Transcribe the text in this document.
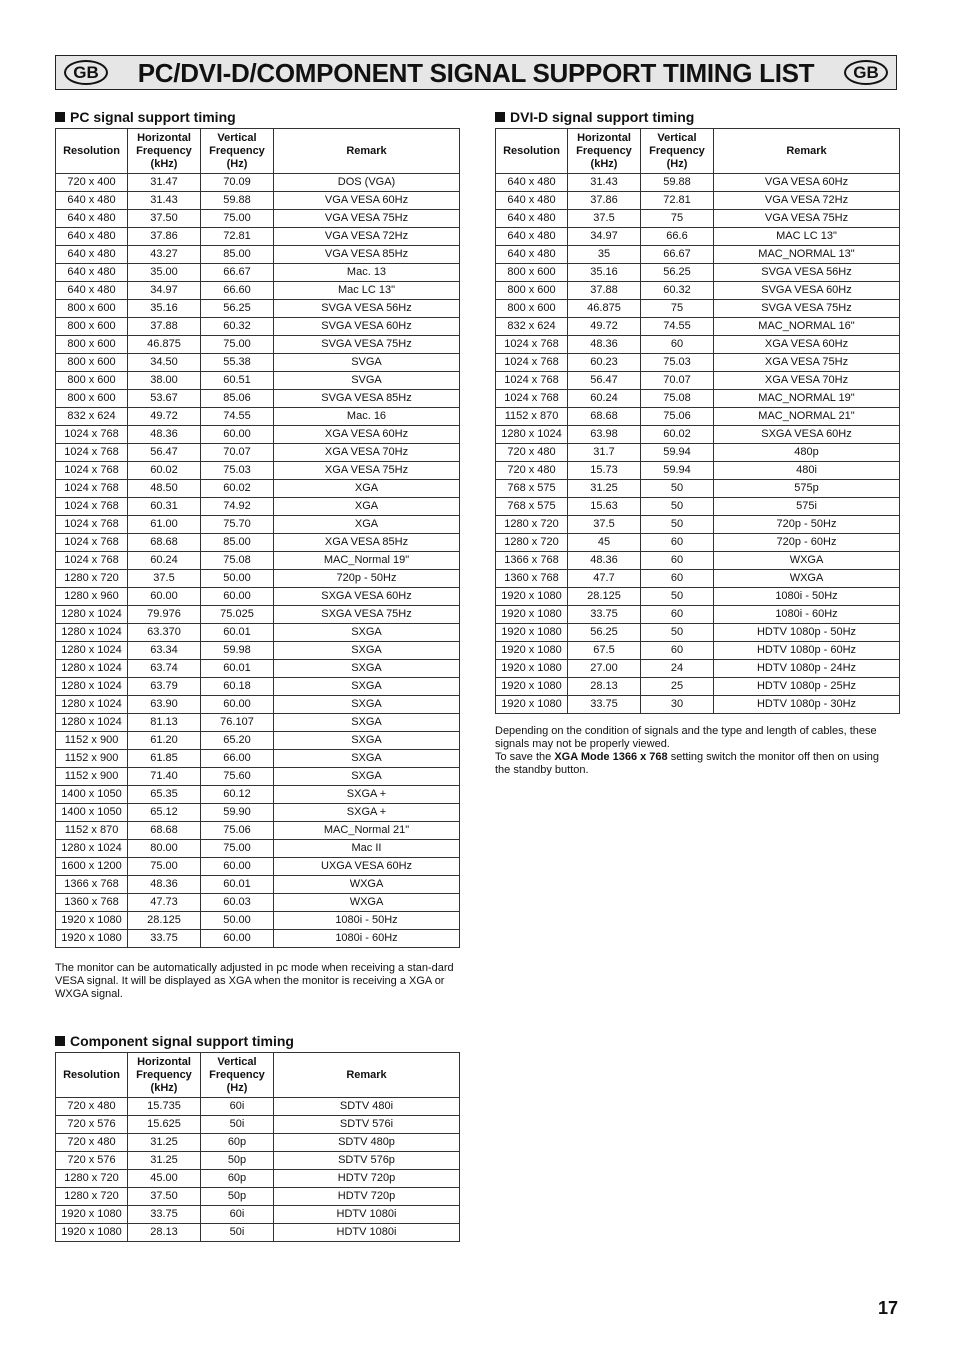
GB	PC/DVI-D/COMPONENT SIGNAL SUPPORT TIMING LIST	GB
PC signal support timing
Resolution	Horizontal
Frequency
(kHz)	Vertical
Frequency
(Hz)	Remark
720 x 400	31.47	70.09	DOS (VGA)
640 x 480	31.43	59.88	VGA VESA 60Hz
640 x 480	37.50	75.00	VGA VESA 75Hz
640 x 480	37.86	72.81	VGA VESA 72Hz
640 x 480	43.27	85.00	VGA VESA 85Hz
640 x 480	35.00	66.67	Mac. 13
640 x 480	34.97	66.60	Mac LC 13"
800 x 600	35.16	56.25	SVGA VESA 56Hz
800 x 600	37.88	60.32	SVGA VESA 60Hz
800 x 600	46.875	75.00	SVGA VESA 75Hz
800 x 600	34.50	55.38	SVGA
800 x 600	38.00	60.51	SVGA
800 x 600	53.67	85.06	SVGA VESA 85Hz
832 x 624	49.72	74.55	Mac. 16
1024 x 768	48.36	60.00	XGA VESA 60Hz
1024 x 768	56.47	70.07	XGA VESA 70Hz
1024 x 768	60.02	75.03	XGA VESA 75Hz
1024 x 768	48.50	60.02	XGA
1024 x 768	60.31	74.92	XGA
1024 x 768	61.00	75.70	XGA
1024 x 768	68.68	85.00	XGA VESA 85Hz
1024 x 768	60.24	75.08	MAC_Normal 19"
1280 x 720	37.5	50.00	720p - 50Hz
1280 x 960	60.00	60.00	SXGA VESA 60Hz
1280 x 1024	79.976	75.025	SXGA VESA 75Hz
1280 x 1024	63.370	60.01	SXGA
1280 x 1024	63.34	59.98	SXGA
1280 x 1024	63.74	60.01	SXGA
1280 x 1024	63.79	60.18	SXGA
1280 x 1024	63.90	60.00	SXGA
1280 x 1024	81.13	76.107	SXGA
1152 x 900	61.20	65.20	SXGA
1152 x 900	61.85	66.00	SXGA
1152 x 900	71.40	75.60	SXGA
1400 x 1050	65.35	60.12	SXGA +
1400 x 1050	65.12	59.90	SXGA +
1152 x 870	68.68	75.06	MAC_Normal 21"
1280 x 1024	80.00	75.00	Mac II
1600 x 1200	75.00	60.00	UXGA VESA 60Hz
1366 x 768	48.36	60.01	WXGA
1360 x 768	47.73	60.03	WXGA
1920 x 1080	28.125	50.00	1080i - 50Hz
1920 x 1080	33.75	60.00	1080i - 60Hz
The monitor can be automatically adjusted in pc mode when receiving a stan-dard VESA signal. It will be displayed as XGA when the monitor is receiving a XGA or WXGA signal.
Component signal support timing
Resolution	Horizontal
Frequency
(kHz)	Vertical
Frequency
(Hz)	Remark
720 x 480	15.735	60i	SDTV 480i
720 x 576	15.625	50i	SDTV 576i
720 x 480	31.25	60p	SDTV 480p
720 x 576	31.25	50p	SDTV 576p
1280 x 720	45.00	60p	HDTV 720p
1280 x 720	37.50	50p	HDTV 720p
1920 x 1080	33.75	60i	HDTV 1080i
1920 x 1080	28.13	50i	HDTV 1080i
DVI-D signal support timing
Resolution	Horizontal
Frequency
(kHz)	Vertical
Frequency
(Hz)	Remark
640 x 480	31.43	59.88	VGA VESA 60Hz
640 x 480	37.86	72.81	VGA VESA 72Hz
640 x 480	37.5	75	VGA VESA 75Hz
640 x 480	34.97	66.6	MAC LC 13"
640 x 480	35	66.67	MAC_NORMAL 13"
800 x 600	35.16	56.25	SVGA VESA 56Hz
800 x 600	37.88	60.32	SVGA VESA 60Hz
800 x 600	46.875	75	SVGA VESA 75Hz
832 x 624	49.72	74.55	MAC_NORMAL 16"
1024 x 768	48.36	60	XGA VESA 60Hz
1024 x 768	60.23	75.03	XGA VESA 75Hz
1024 x 768	56.47	70.07	XGA VESA 70Hz
1024 x 768	60.24	75.08	MAC_NORMAL 19"
1152 x 870	68.68	75.06	MAC_NORMAL 21"
1280 x 1024	63.98	60.02	SXGA VESA 60Hz
720 x 480	31.7	59.94	480p
720 x 480	15.73	59.94	480i
768 x 575	31.25	50	575p
768 x 575	15.63	50	575i
1280 x 720	37.5	50	720p - 50Hz
1280 x 720	45	60	720p - 60Hz
1366 x 768	48.36	60	WXGA
1360 x 768	47.7	60	WXGA
1920 x 1080	28.125	50	1080i - 50Hz
1920 x 1080	33.75	60	1080i - 60Hz
1920 x 1080	56.25	50	HDTV 1080p - 50Hz
1920 x 1080	67.5	60	HDTV 1080p - 60Hz
1920 x 1080	27.00	24	HDTV 1080p - 24Hz
1920 x 1080	28.13	25	HDTV 1080p - 25Hz
1920 x 1080	33.75	30	HDTV 1080p - 30Hz
Depending on the condition of signals and the type and length of cables, these signals may not be properly viewed.
To save the XGA Mode 1366 x 768 setting switch the monitor off then on using the standby button.
17
